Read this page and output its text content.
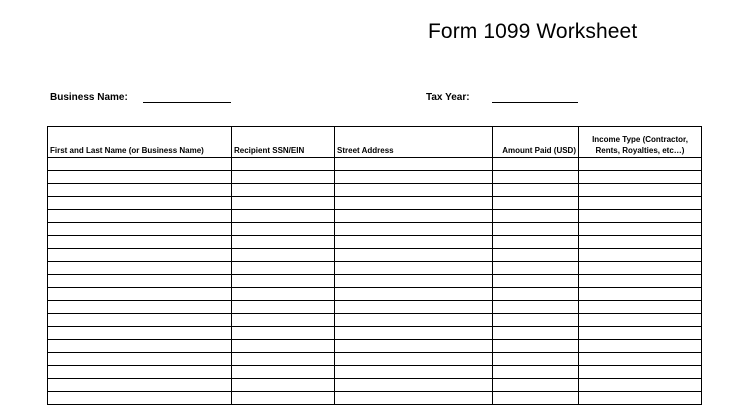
Form 1099 Worksheet
Business Name:	Tax Year:
First and Last Name (or Business Name)	Recipient SSN/EIN	Street Address	Amount Paid (USD)	Income Type (Contractor, Rents, Royalties, etc…)
